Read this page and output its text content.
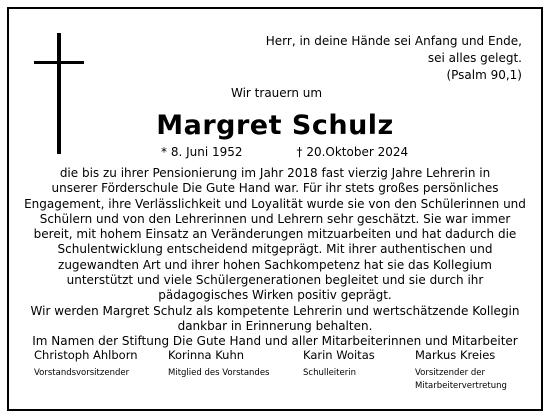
Herr, in deine Hände sei Anfang und Ende,
sei alles gelegt.
(Psalm 90,1)
Wir trauern um
Margret Schulz
* 8. Juni 1952	† 20.Oktober 2024

die bis zu ihrer Pensionierung im Jahr 2018 fast vierzig Jahre Lehrerin in

unserer Förderschule Die Gute Hand war. Für ihr stets großes persönliches

Engagement, ihre Verlässlichkeit und Loyalität wurde sie von den Schülerinnen und

Schülern und von den Lehrerinnen und Lehrern sehr geschätzt. Sie war immer

bereit, mit hohem Einsatz an Veränderungen mitzuarbeiten und hat dadurch die

Schulentwicklung entscheidend mitgeprägt. Mit ihrer authentischen und

zugewandten Art und ihrer hohen Sachkompetenz hat sie das Kollegium

unterstützt und viele Schülergenerationen begleitet und sie durch ihr

pädagogisches Wirken positiv geprägt.

Wir werden Margret Schulz als kompetente Lehrerin und wertschätzende Kollegin

dankbar in Erinnerung behalten.

Im Namen der Stiftung Die Gute Hand und aller Mitarbeiterinnen und Mitarbeiter

Christoph Ahlborn
Vorstandsvorsitzender
Korinna Kuhn
Mitglied des Vorstandes
Karin Woitas
Schulleiterin
Markus Kreies
Vorsitzender der
Mitarbeitervertretung
